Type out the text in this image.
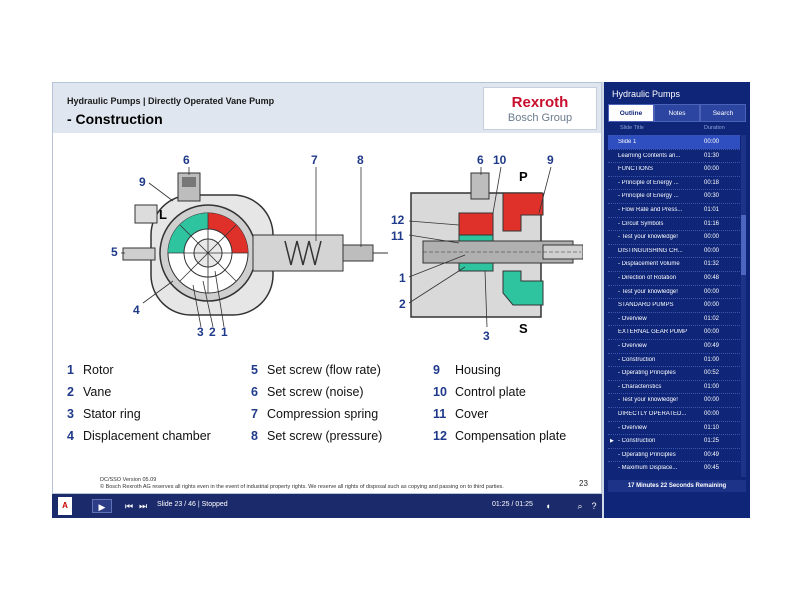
Hydraulic Pumps | Directly Operated Vane Pump
- Construction
Rexroth
Bosch Group
6
9
L
5
4
3 2 1
7	8	6 10	9
P
12
11
1
2
3 S
1 Rotor
2 Vane
3 Stator ring
4 Displacement chamber
5 Set screw (flow rate)
6 Set screw (noise)
7 Compression spring
8 Set screw (pressure)
9 Housing
10 Control plate
11 Cover
12 Compensation plate
DC/SSO Version 05.09
© Bosch Rexroth AG reserves all rights even in the event of industrial property rights. We reserve all rights of disposal such as copying and passing on to third parties.	23
A	▶	⏮ ⏭	Slide 23 / 46 | Stopped	01:25 / 01:25	◖	⌕ ?
Hydraulic Pumps
Outline	Notes	Search
Slide Title	Duration
Slide 1	00:00
Learning Contents an...	01:30
FUNCTIONS	00:00
- Principle of Energy ...	00:18
- Principle of Energy ...	00:30
- Flow Rate and Press...	01:01
- Circuit Symbols	01:16
- Test your knowledge!	00:00
DISTINGUISHING CH...	00:00
- Displacement Volume	01:32
- Direction of Rotation	00:48
- Test your knowledge!	00:00
STANDARD PUMPS	00:00
- Overview	01:02
EXTERNAL GEAR PUMP	00:00
- Overview	00:49
- Construction	01:00
- Operating Principles	00:52
- Characteristics	01:00
- Test your knowledge!	00:00
DIRECTLY OPERATED...	00:00
- Overview	01:10
▶ - Construction	01:25
- Operating Principles	00:49
- Maximum Displace...	00:45
17 Minutes 22 Seconds Remaining
